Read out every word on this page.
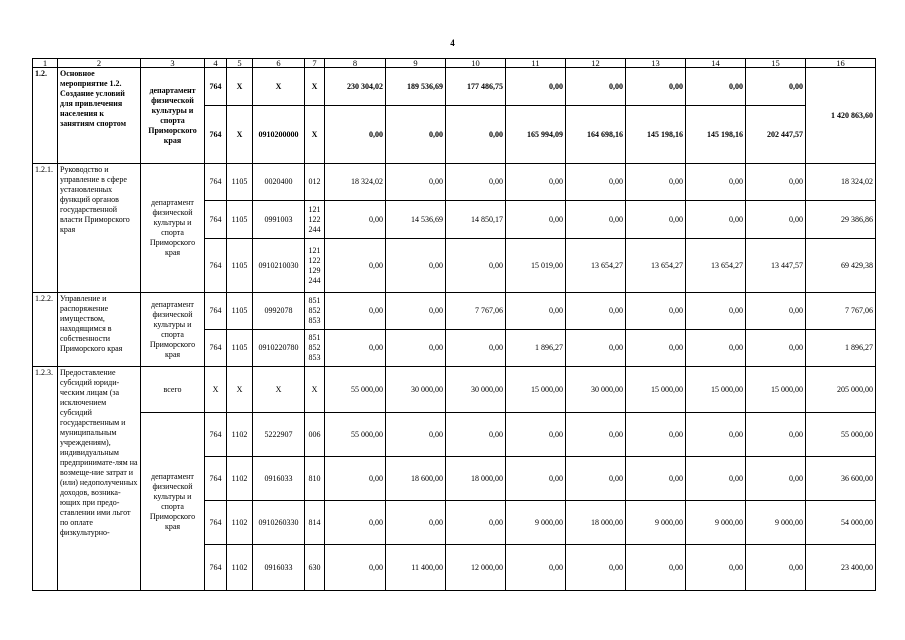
4
1	2	3	4	5	6	7	8	9	10	11	12	13	14	15	16
1.2.	Основное мероприятие 1.2. Создание условий для привлечения населения к занятиям спортом	департамент физической культуры и спорта Приморского края	764	X	X	X	230 304,02	189 536,69	177 486,75	0,00	0,00	0,00	0,00	0,00	1 420 863,60
			764	X	0910200000	X	0,00	0,00	0,00	165 994,09	164 698,16	145 198,16	145 198,16	202 447,57	
1.2.1.	Руководство и управление в сфере установленных функций органов государственной власти Приморского края	департамент физической культуры и спорта Приморского края	764	1105	0020400	012	18 324,02	0,00	0,00	0,00	0,00	0,00	0,00	0,00	18 324,02
			764	1105	0991003	121 122 244	0,00	14 536,69	14 850,17	0,00	0,00	0,00	0,00	0,00	29 386,86
			764	1105	0910210030	121 122 129 244	0,00	0,00	0,00	15 019,00	13 654,27	13 654,27	13 654,27	13 447,57	69 429,38
1.2.2.	Управление и распоряжение имуществом, находящимся в собственности Приморского края	департамент физической культуры и спорта Приморского края	764	1105	0992078	851 852 853	0,00	0,00	7 767,06	0,00	0,00	0,00	0,00	0,00	7 767,06
			764	1105	0910220780	851 852 853	0,00	0,00	0,00	1 896,27	0,00	0,00	0,00	0,00	1 896,27
1.2.3.	Предоставление субсидий юриди-ческим лицам (за исключением субсидий государственным и муниципальным учреждениям), индивидуальным предпринимате-лям на возмеще-ние затрат и (или) недополученных доходов, возника-ющих при предо-ставлении ими льгот по оплате физкультурно-	всего	X	X	X	X	55 000,00	30 000,00	30 000,00	15 000,00	30 000,00	15 000,00	15 000,00	15 000,00	205 000,00
		департамент физической культуры и спорта Приморского края	764	1102	5222907	006	55 000,00	0,00	0,00	0,00	0,00	0,00	0,00	0,00	55 000,00
			764	1102	0916033	810	0,00	18 600,00	18 000,00	0,00	0,00	0,00	0,00	0,00	36 600,00
			764	1102	0910260330	814	0,00	0,00	0,00	9 000,00	18 000,00	9 000,00	9 000,00	9 000,00	54 000,00
			764	1102	0916033	630	0,00	11 400,00	12 000,00	0,00	0,00	0,00	0,00	0,00	23 400,00
